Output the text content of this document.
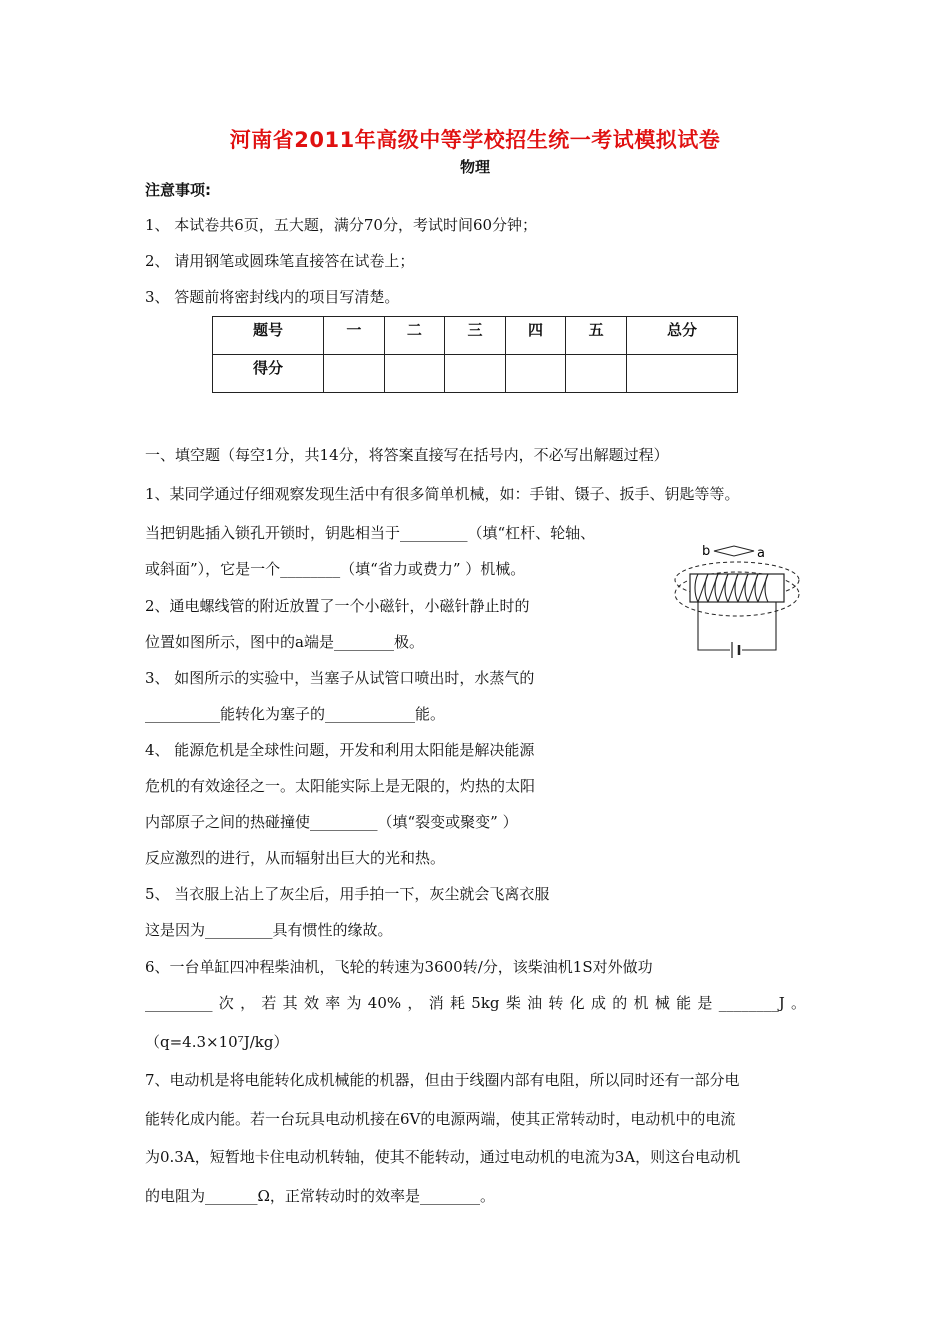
河南省2011年高级中等学校招生统一考试模拟试卷
物理
注意事项:
1、 本试卷共6页，五大题，满分70分，考试时间60分钟；
2、 请用钢笔或圆珠笔直接答在试卷上；
3、 答题前将密封线内的项目写清楚。
题号	一	二	三	四	五	总分
得分						
一、填空题（每空1分，共14分，将答案直接写在括号内，不必写出解题过程）
1、某同学通过仔细观察发现生活中有很多简单机械，如：手钳、镊子、扳手、钥匙等等。
当把钥匙插入锁孔开锁时，钥匙相当于_________（填“杠杆、轮轴、
或斜面”），它是一个________（填“省力或费力” ）机械。
2、通电螺线管的附近放置了一个小磁针，小磁针静止时的
位置如图所示，图中的a端是________极。
3、 如图所示的实验中，当塞子从试管口喷出时，水蒸气的
__________能转化为塞子的____________能。
4、 能源危机是全球性问题，开发和利用太阳能是解决能源
危机的有效途径之一。太阳能实际上是无限的，灼热的太阳
内部原子之间的热碰撞使_________（填“裂变或聚变” ）
反应激烈的进行，从而辐射出巨大的光和热。
5、 当衣服上沾上了灰尘后，用手拍一下，灰尘就会飞离衣服
这是因为_________具有惯性的缘故。
6、一台单缸四冲程柴油机，飞轮的转速为3600转/分，该柴油机1S对外做功
_________次，若其效率为40%，消耗5kg柴油转化成的机械能是________J。
（q=4.3×10⁷J/kg）
7、电动机是将电能转化成机械能的机器，但由于线圈内部有电阻，所以同时还有一部分电
能转化成内能。若一台玩具电动机接在6V的电源两端，使其正常转动时，电动机中的电流
为0.3A，短暂地卡住电动机转轴，使其不能转动，通过电动机的电流为3A，则这台电动机
的电阻为_______Ω，正常转动时的效率是________。
b	a
